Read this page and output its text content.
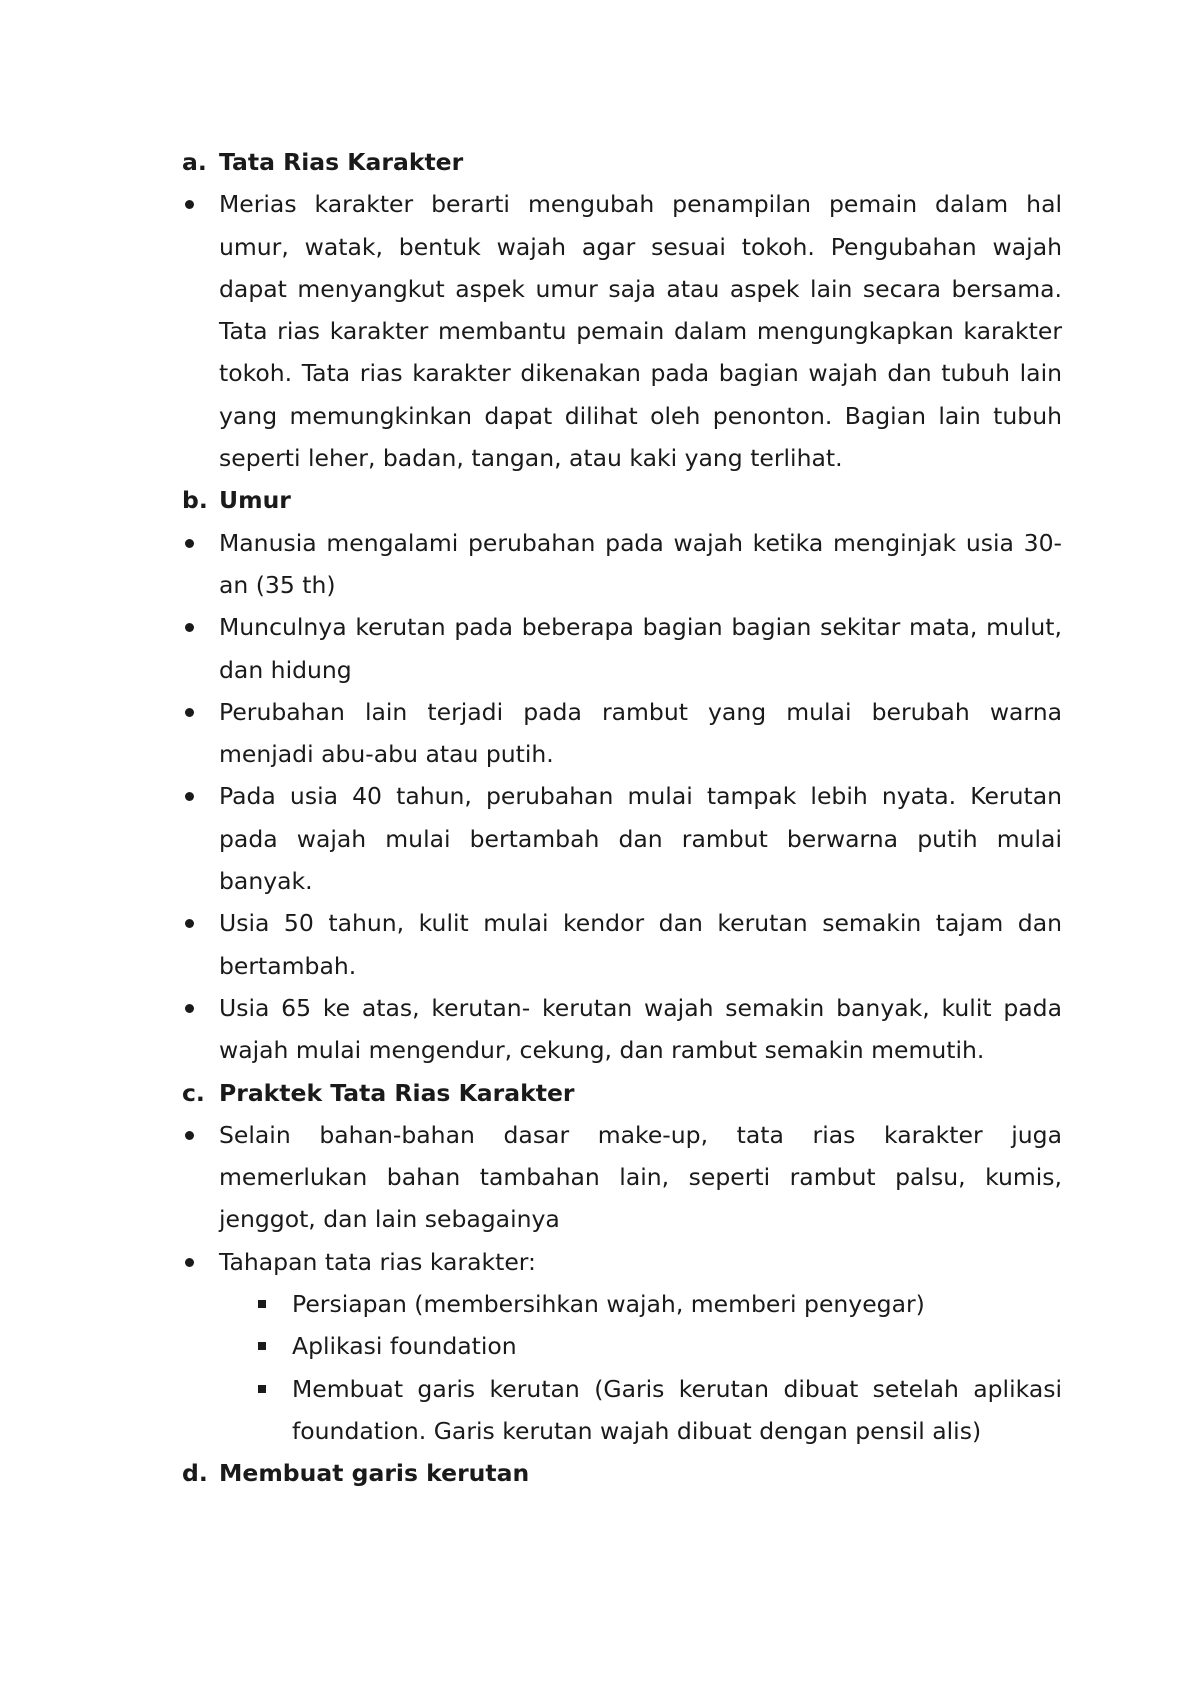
a. Tata Rias Karakter
Merias karakter berarti mengubah penampilan pemain dalam hal umur, watak, bentuk wajah agar sesuai tokoh. Pengubahan wajah dapat menyangkut aspek umur saja atau aspek lain secara bersama. Tata rias karakter membantu pemain dalam mengungkapkan karakter tokoh. Tata rias karakter dikenakan pada bagian wajah dan tubuh lain yang memungkinkan dapat dilihat oleh penonton. Bagian lain tubuh seperti leher, badan, tangan, atau kaki yang terlihat.
b. Umur
Manusia mengalami perubahan pada wajah ketika menginjak usia 30- an (35 th)
Munculnya kerutan pada beberapa bagian bagian sekitar mata, mulut, dan hidung
Perubahan lain terjadi pada rambut yang mulai berubah warna menjadi abu-abu atau putih.
Pada usia 40 tahun, perubahan mulai tampak lebih nyata. Kerutan pada wajah mulai bertambah dan rambut berwarna putih mulai banyak.
Usia 50 tahun, kulit mulai kendor dan kerutan semakin tajam dan bertambah.
Usia 65 ke atas, kerutan- kerutan wajah semakin banyak, kulit pada wajah mulai mengendur, cekung, dan rambut semakin memutih.
c. Praktek Tata Rias Karakter
Selain bahan-bahan dasar make-up, tata rias karakter juga memerlukan bahan tambahan lain, seperti rambut palsu, kumis, jenggot, dan lain sebagainya
Tahapan tata rias karakter:
Persiapan (membersihkan wajah, memberi penyegar)
Aplikasi foundation
Membuat garis kerutan (Garis kerutan dibuat setelah aplikasi foundation. Garis kerutan wajah dibuat dengan pensil alis)
d. Membuat garis kerutan
